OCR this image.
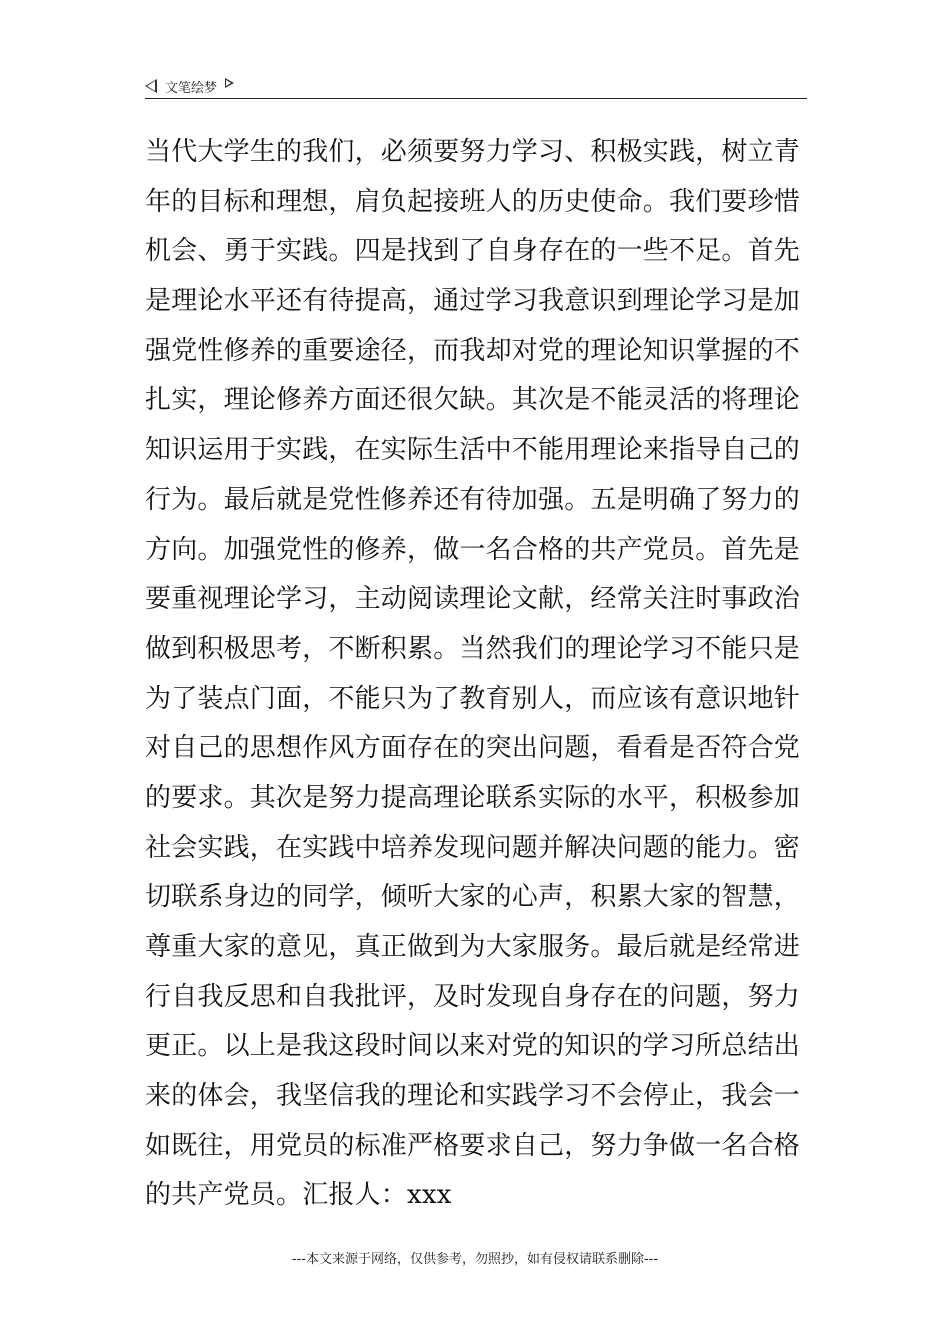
文笔绘梦
当代大学生的我们，必须要努力学习、积极实践，树立青
年的目标和理想，肩负起接班人的历史使命。我们要珍惜
机会、勇于实践。四是找到了自身存在的一些不足。首先
是理论水平还有待提高，通过学习我意识到理论学习是加
强党性修养的重要途径，而我却对党的理论知识掌握的不
扎实，理论修养方面还很欠缺。其次是不能灵活的将理论
知识运用于实践，在实际生活中不能用理论来指导自己的
行为。最后就是党性修养还有待加强。五是明确了努力的
方向。加强党性的修养，做一名合格的共产党员。首先是
要重视理论学习，主动阅读理论文献，经常关注时事政治
做到积极思考，不断积累。当然我们的理论学习不能只是
为了装点门面，不能只为了教育别人，而应该有意识地针
对自己的思想作风方面存在的突出问题，看看是否符合党
的要求。其次是努力提高理论联系实际的水平，积极参加
社会实践，在实践中培养发现问题并解决问题的能力。密
切联系身边的同学，倾听大家的心声，积累大家的智慧，
尊重大家的意见，真正做到为大家服务。最后就是经常进
行自我反思和自我批评，及时发现自身存在的问题，努力
更正。以上是我这段时间以来对党的知识的学习所总结出
来的体会，我坚信我的理论和实践学习不会停止，我会一
如既往，用党员的标准严格要求自己，努力争做一名合格
的共产党员。汇报人：xxx
---本文来源于网络，仅供参考，勿照抄，如有侵权请联系删除---
